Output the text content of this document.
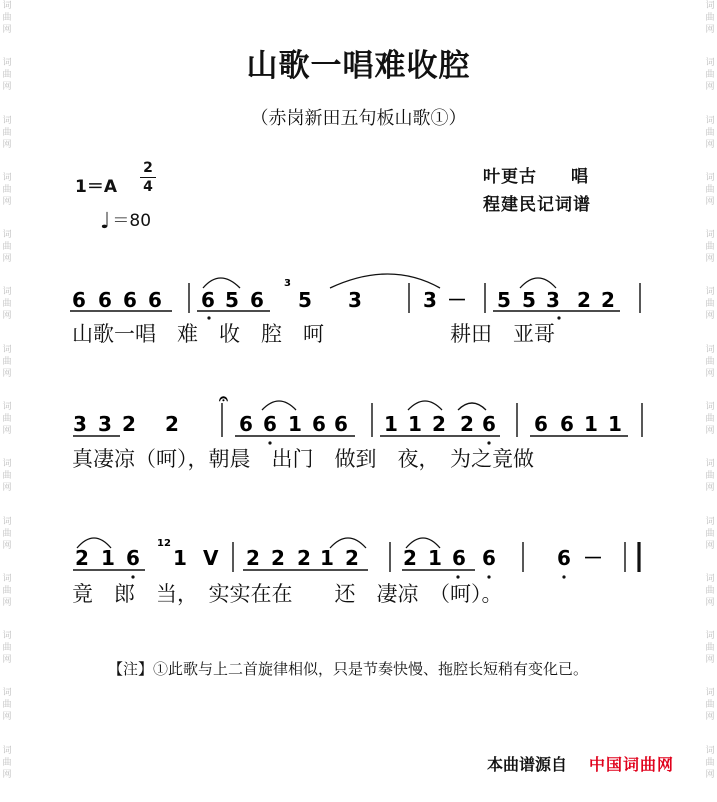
词
曲
网
词
曲
网
词
曲
网
词
曲
网
词
曲
网
词
曲
网
词
曲
网
词
曲
网
词
曲
网
词
曲
网
词
曲
网
词
曲
网
词
曲
网
词
曲
网
词
曲
网
词
曲
网
词
曲
网
词
曲
网
词
曲
网
词
曲
网
词
曲
网
词
曲
网
词
曲
网
词
曲
网
词
曲
网
词
曲
网
词
曲
网
词
曲
网
山歌一唱难收腔
（赤岗新田五句板山歌①）
1＝A
2
4
♩ ＝80
叶更古 唱
程建民记词谱
6 6 6 6 6 5 6 5 3	3 － 5 5 3 2 2
3
3 3 2 2	6 6 1 6 6 1 1 2 2 6 6 6 1 1
𝄐
2 1 6 1 V 2 2 2 1 2 2 1 6 6	6 －
12
山歌一唱　难　收　腔　呵　　　　　　耕田　亚哥
真凄凉（呵），朝晨　出门　做到　夜，　为之竟做
竟　郎　当，　实实在在　　还　凄凉　（呵）。
【注】①此歌与上二首旋律相似，只是节奏快慢、拖腔长短稍有变化已。
本曲谱源自 中国词曲网
